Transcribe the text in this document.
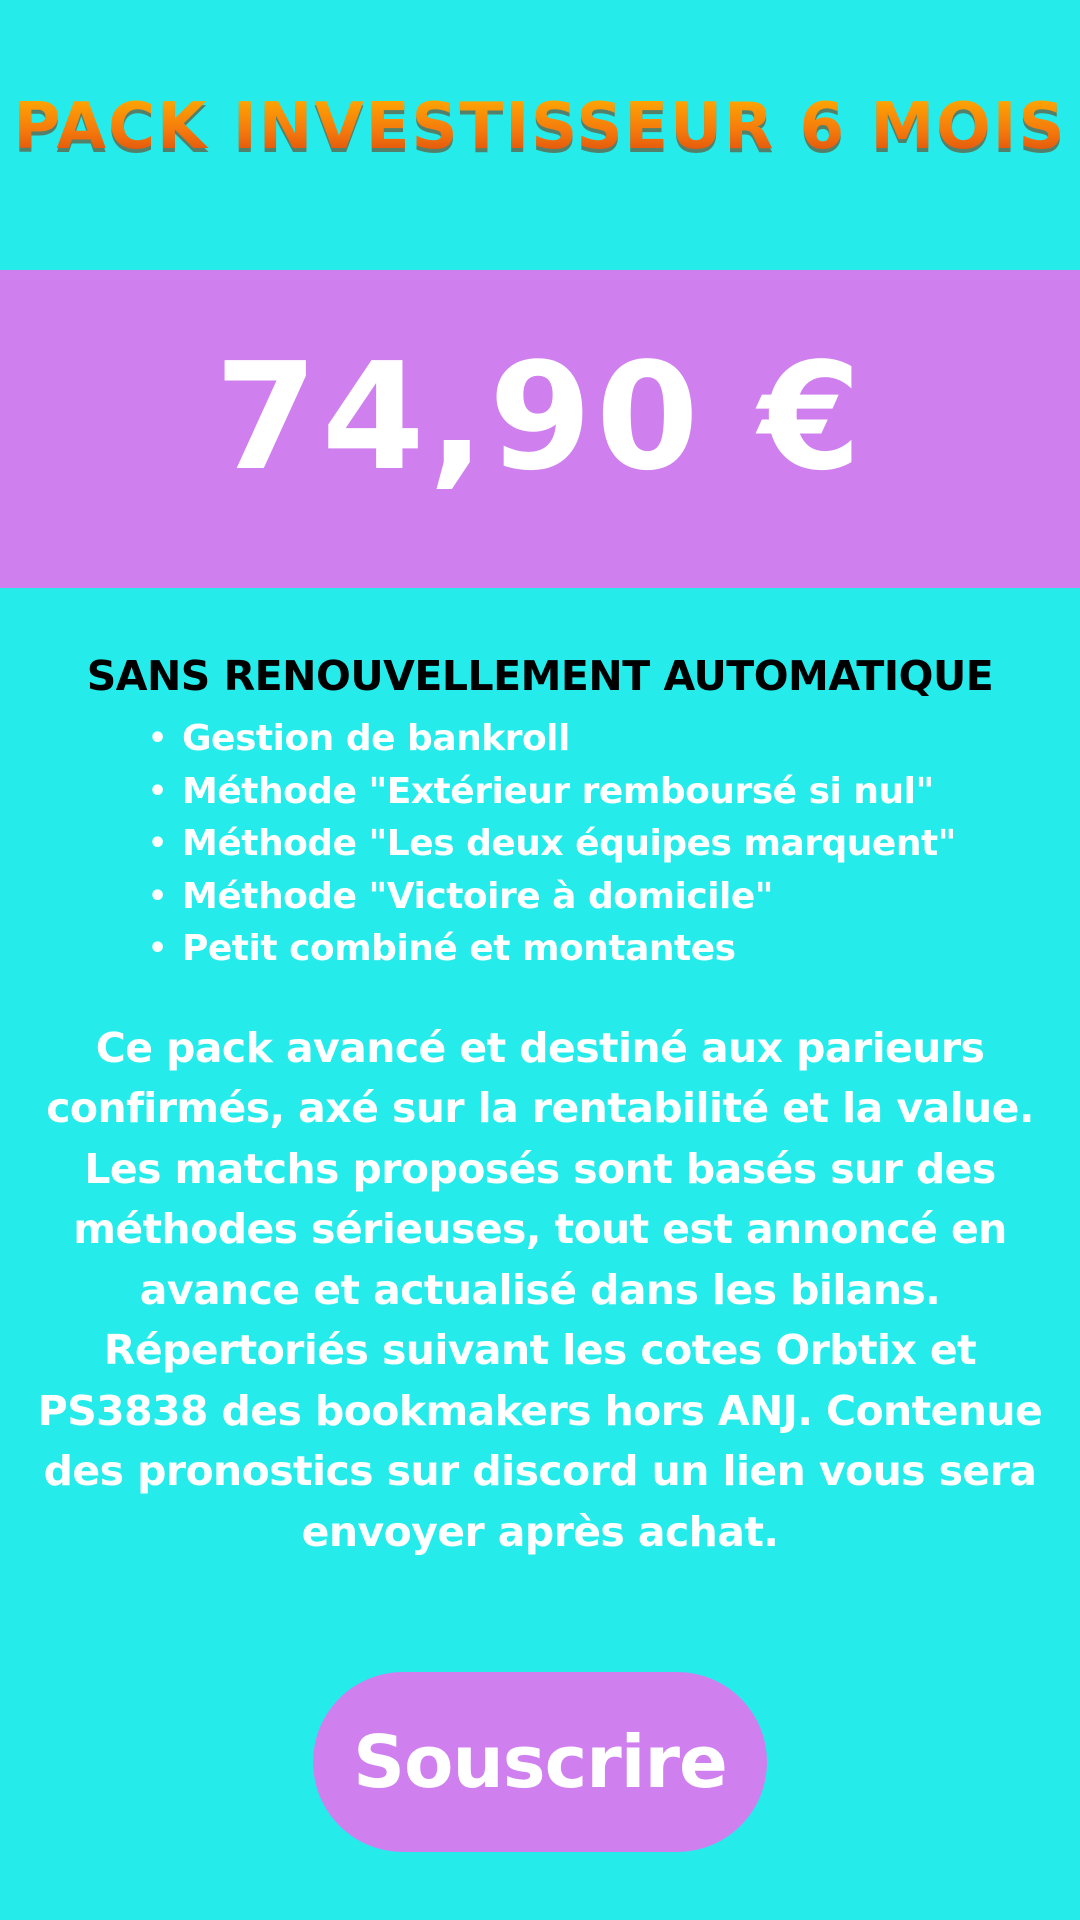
PACK INVESTISSEUR 6 MOIS
74,90 €
SANS RENOUVELLEMENT AUTOMATIQUE
• Gestion de bankroll
• Méthode "Extérieur remboursé si nul"
• Méthode "Les deux équipes marquent"
• Méthode "Victoire à domicile"
• Petit combiné et montantes

Ce pack avancé et destiné aux parieurs confirmés, axé sur la rentabilité et la value. Les matchs proposés sont basés sur des méthodes sérieuses, tout est annoncé en avance et actualisé dans les bilans. Répertoriés suivant les cotes Orbtix et PS3838 des bookmakers hors ANJ. Contenue des pronostics sur discord un lien vous sera envoyer après achat.

Souscrire
